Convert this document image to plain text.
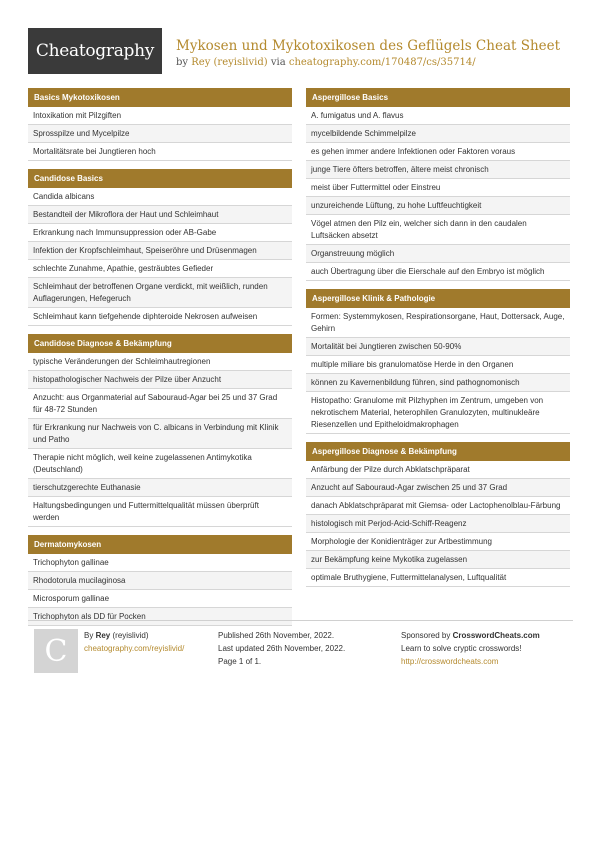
Cheatography	Mykosen und Mykotoxikosen des Geflügels Cheat Sheet
by Rey (reyislivid) via cheatography.com/170487/cs/35714/
Basics Mykotoxikosen
Intoxikation mit Pilzgiften
Sprosspilze und Mycelpilze
Mortalitätsrate bei Jungtieren hoch
Candidose Basics
Candida albicans
Bestandteil der Mikroflora der Haut und Schleimhaut
Erkrankung nach Immunsuppression oder AB-Gabe
Infektion der Kropfschleimhaut, Speiseröhre und Drüsenmagen
schlechte Zunahme, Apathie, gesträubtes Gefieder
Schleimhaut der betroffenen Organe verdickt, mit weißlich, runden Auflagerungen, Hefegeruch
Schleimhaut kann tiefgehende diphteroide Nekrosen aufweisen
Candidose Diagnose & Bekämpfung
typische Veränderungen der Schleimhautregionen
histopathologischer Nachweis der Pilze über Anzucht
Anzucht: aus Organmaterial auf Sabouraud-Agar bei 25 und 37 Grad für 48-72 Stunden
für Erkrankung nur Nachweis von C. albicans in Verbindung mit Klinik und Patho
Therapie nicht möglich, weil keine zugelassenen Antimykotika (Deutschland)
tierschutzgerechte Euthanasie
Haltungsbedingungen und Futtermittelqualität müssen überprüft werden
Dermatomykosen
Trichophyton gallinae
Rhodotorula mucilaginosa
Microsporum gallinae
Trichophyton als DD für Pocken
Aspergillose Basics
A. fumigatus und A. flavus
mycelbildende Schimmelpilze
es gehen immer andere Infektionen oder Faktoren voraus
junge Tiere öfters betroffen, ältere meist chronisch
meist über Futtermittel oder Einstreu
unzureichende Lüftung, zu hohe Luftfeuchtigkeit
Vögel atmen den Pilz ein, welcher sich dann in den caudalen Luftsäcken absetzt
Organstreuung möglich
auch Übertragung über die Eierschale auf den Embryo ist möglich
Aspergillose Klinik & Pathologie
Formen: Systemmykosen, Respirationsorgane, Haut, Dottersack, Auge, Gehirn
Mortalität bei Jungtieren zwischen 50-90%
multiple miliare bis granulomatöse Herde in den Organen
können zu Kavernenbildung führen, sind pathognomonisch
Histopatho: Granulome mit Pilzhyphen im Zentrum, umgeben von nekrotischem Material, heterophilen Granulozyten, multinukleäre Riesenzellen und Epitheloidmakrophagen
Aspergillose Diagnose & Bekämpfung
Anfärbung der Pilze durch Abklatschpräparat
Anzucht auf Sabouraud-Agar zwischen 25 und 37 Grad
danach Abklatschpräparat mit Giemsa- oder Lactophenolblau-Färbung
histologisch mit Perjod-Acid-Schiff-Reagenz
Morphologie der Konidienträger zur Artbestimmung
zur Bekämpfung keine Mykotika zugelassen
optimale Bruthygiene, Futtermittelanalysen, Luftqualität
C	By Rey (reyislivid)
cheatography.com/reyislivid/
Published 26th November, 2022.
Last updated 26th November, 2022.
Page 1 of 1.
Sponsored by CrosswordCheats.com
Learn to solve cryptic crosswords!
http://crosswordcheats.com
